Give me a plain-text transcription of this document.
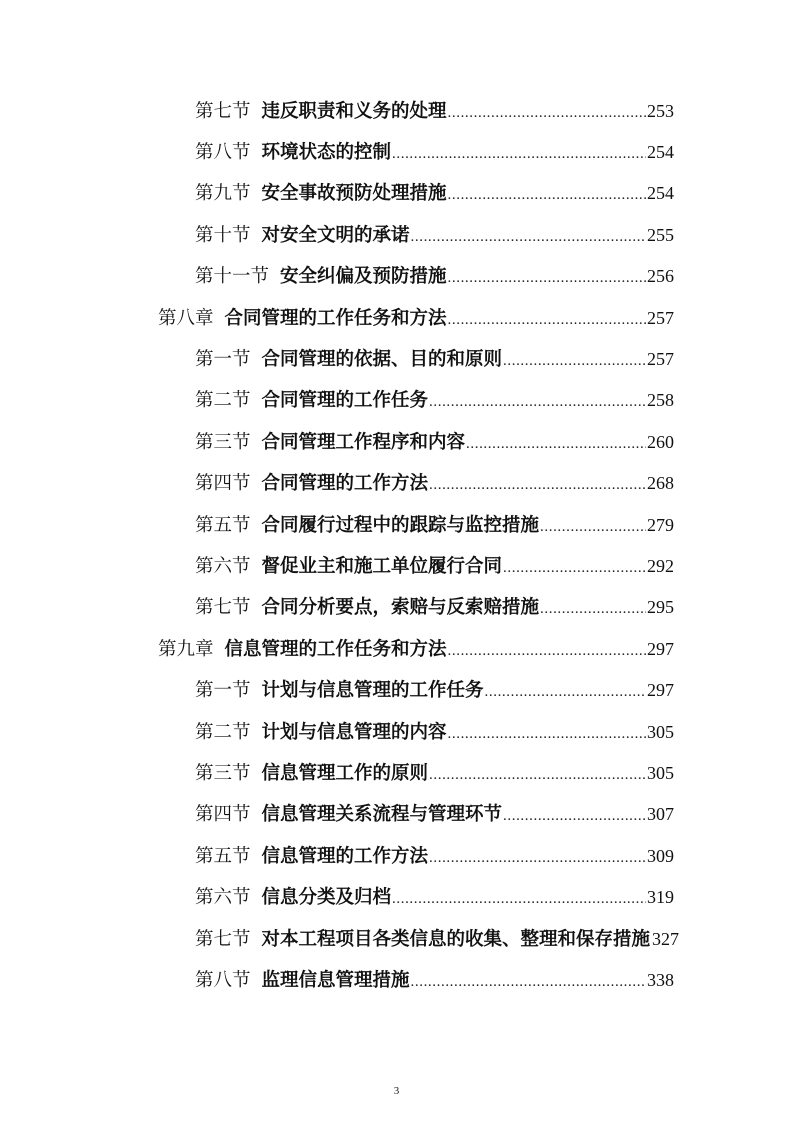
第七节 违反职责和义务的处理 .....	253
第八节 环境状态的控制 .....	254
第九节 安全事故预防处理措施 .....	254
第十节 对安全文明的承诺 .....	255
第十一节 安全纠偏及预防措施 .....	256
第八章 合同管理的工作任务和方法 .....	257
第一节 合同管理的依据、目的和原则 .....	257
第二节 合同管理的工作任务 .....	258
第三节 合同管理工作程序和内容 .....	260
第四节 合同管理的工作方法 .....	268
第五节 合同履行过程中的跟踪与监控措施 .....	279
第六节 督促业主和施工单位履行合同 .....	292
第七节 合同分析要点，索赔与反索赔措施 .....	295
第九章 信息管理的工作任务和方法 .....	297
第一节 计划与信息管理的工作任务 .....	297
第二节 计划与信息管理的内容 .....	305
第三节 信息管理工作的原则 .....	305
第四节 信息管理关系流程与管理环节 .....	307
第五节 信息管理的工作方法 .....	309
第六节 信息分类及归档 .....	319
第七节 对本工程项目各类信息的收集、整理和保存措施 327
第八节 监理信息管理措施 .....	338
3
